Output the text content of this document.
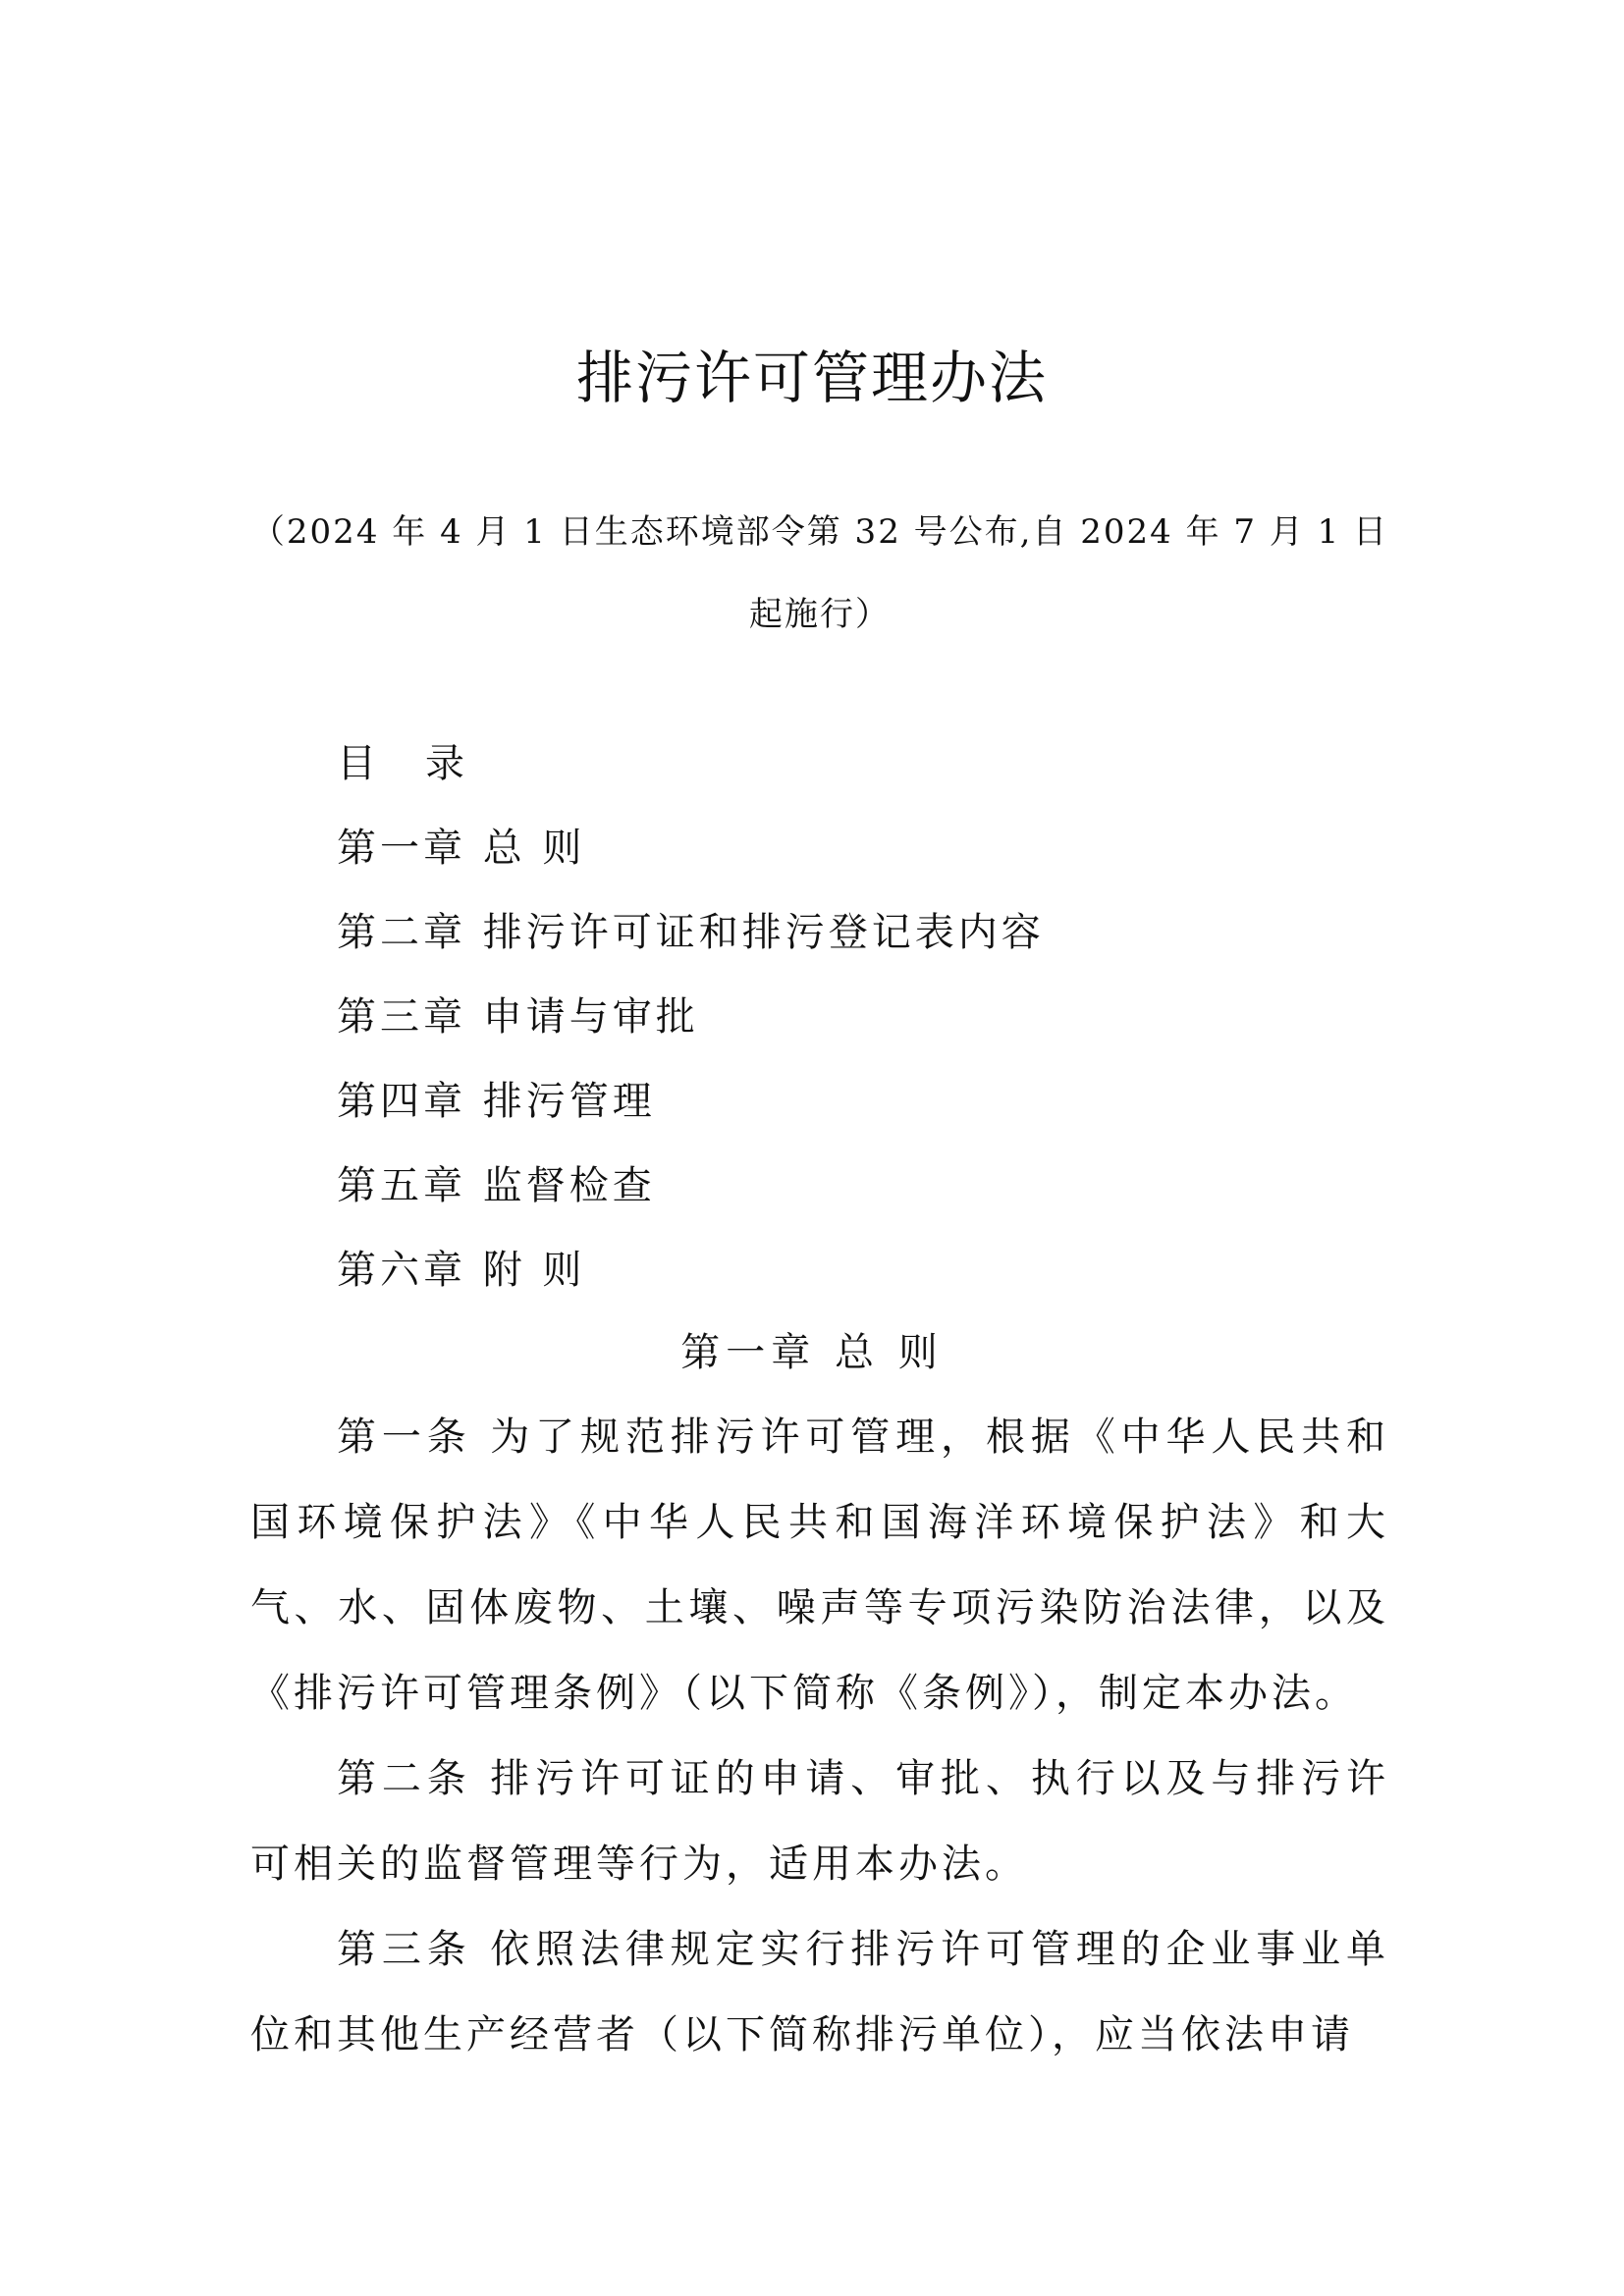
排污许可管理办法

（2024 年 4 月 1 日生态环境部令第 32 号公布,自 2024 年 7 月 1 日起施行）

目录
第一章 总 则
第二章 排污许可证和排污登记表内容
第三章 申请与审批
第四章 排污管理
第五章 监督检查
第六章 附 则
第一章 总 则

第一条 为了规范排污许可管理，根据《中华人民共和国环境保护法》《中华人民共和国海洋环境保护法》和大气、水、固体废物、土壤、噪声等专项污染防治法律，以及《排污许可管理条例》（以下简称《条例》），制定本办法。

第二条 排污许可证的申请、审批、执行以及与排污许可相关的监督管理等行为，适用本办法。

第三条 依照法律规定实行排污许可管理的企业事业单位和其他生产经营者（以下简称排污单位），应当依法申请
